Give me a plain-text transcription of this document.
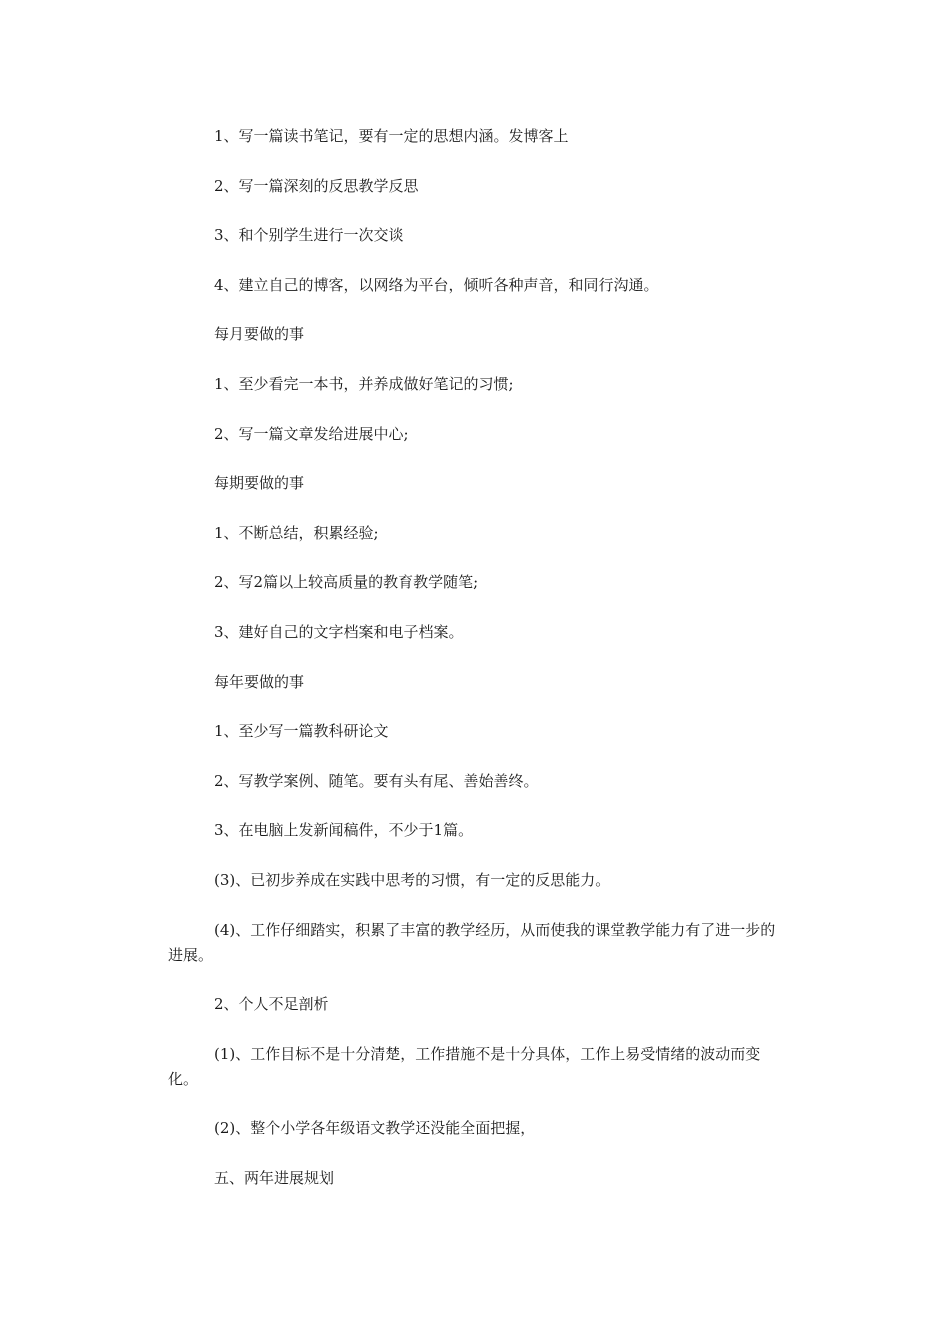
1、写一篇读书笔记，要有一定的思想内涵。发博客上

2、写一篇深刻的反思教学反思

3、和个别学生进行一次交谈

4、建立自己的博客，以网络为平台，倾听各种声音，和同行沟通。

每月要做的事

1、至少看完一本书，并养成做好笔记的习惯;

2、写一篇文章发给进展中心;

每期要做的事

1、不断总结，积累经验;

2、写2篇以上较高质量的教育教学随笔;

3、建好自己的文字档案和电子档案。

每年要做的事

1、至少写一篇教科研论文

2、写教学案例、随笔。要有头有尾、善始善终。

3、在电脑上发新闻稿件，不少于1篇。

(3)、已初步养成在实践中思考的习惯，有一定的反思能力。

(4)、工作仔细踏实，积累了丰富的教学经历，从而使我的课堂教学能力有了进一步的进展。

2、个人不足剖析

(1)、工作目标不是十分清楚，工作措施不是十分具体，工作上易受情绪的波动而变化。

(2)、整个小学各年级语文教学还没能全面把握，

五、两年进展规划
